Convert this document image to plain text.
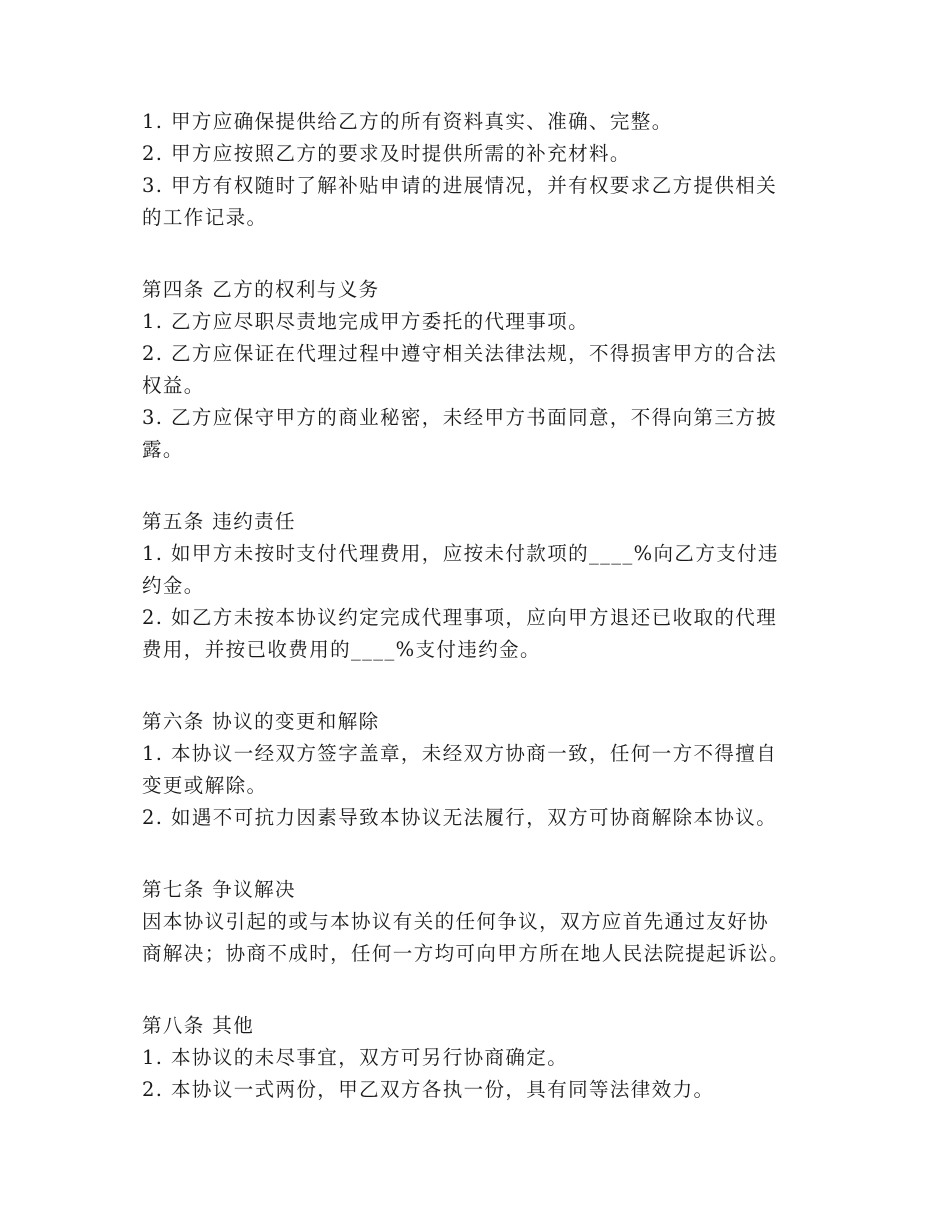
1. 甲方应确保提供给乙方的所有资料真实、准确、完整。
2. 甲方应按照乙方的要求及时提供所需的补充材料。
3. 甲方有权随时了解补贴申请的进展情况，并有权要求乙方提供相关
的工作记录。
第四条 乙方的权利与义务
1. 乙方应尽职尽责地完成甲方委托的代理事项。
2. 乙方应保证在代理过程中遵守相关法律法规，不得损害甲方的合法
权益。
3. 乙方应保守甲方的商业秘密，未经甲方书面同意，不得向第三方披
露。
第五条 违约责任
1. 如甲方未按时支付代理费用，应按未付款项的____%向乙方支付违
约金。
2. 如乙方未按本协议约定完成代理事项，应向甲方退还已收取的代理
费用，并按已收费用的____%支付违约金。
第六条 协议的变更和解除
1. 本协议一经双方签字盖章，未经双方协商一致，任何一方不得擅自
变更或解除。
2. 如遇不可抗力因素导致本协议无法履行，双方可协商解除本协议。
第七条 争议解决
因本协议引起的或与本协议有关的任何争议，双方应首先通过友好协
商解决；协商不成时，任何一方均可向甲方所在地人民法院提起诉讼。
第八条 其他
1. 本协议的未尽事宜，双方可另行协商确定。
2. 本协议一式两份，甲乙双方各执一份，具有同等法律效力。
